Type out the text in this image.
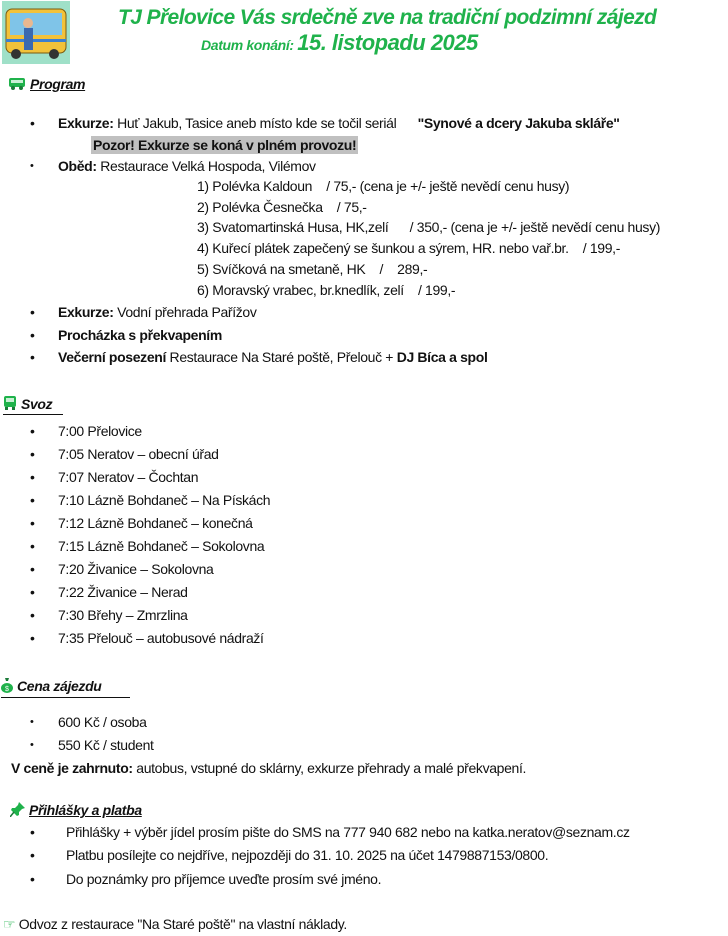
TJ Přelovice Vás srdečně zve na tradiční podzimní zájezd
Datum konání: 15. listopadu 2025
Program
• Exkurze: Huť Jakub, Tasice aneb místo kde se točil seriál "Synové a dcery Jakuba skláře"
Pozor! Exkurze se koná v plném provozu!
• Oběd: Restaurace Velká Hospoda, Vilémov
1) Polévka Kaldoun    / 75,- (cena je +/- ještě nevědí cenu husy)
2) Polévka Česnečka    / 75,-
3) Svatomartinská Husa, HK,zelí      / 350,- (cena je +/- ještě nevědí cenu husy)
4) Kuřecí plátek zapečený se šunkou a sýrem, HR. nebo vař.br.    / 199,-
5) Svíčková na smetaně, HK    /    289,-
6) Moravský vrabec, br.knedlík, zelí    / 199,-
• Exkurze: Vodní přehrada Pařížov
• Procházka s překvapením
• Večerní posezení Restaurace Na Staré poště, Přelouč + DJ Bíca a spol
Svoz
• 7:00 Přelovice
• 7:05 Neratov – obecní úřad
• 7:07 Neratov – Čochtan
• 7:10 Lázně Bohdaneč – Na Pískách
• 7:12 Lázně Bohdaneč – konečná
• 7:15 Lázně Bohdaneč – Sokolovna
• 7:20 Živanice – Sokolovna
• 7:22 Živanice – Nerad
• 7:30 Břehy – Zmrzlina
• 7:35 Přelouč – autobusové nádraží
$ Cena zájezdu
• 600 Kč / osoba
• 550 Kč / student
V ceně je zahrnuto: autobus, vstupné do sklárny, exkurze přehrady a malé překvapení.
Přihlášky a platba
• Přihlášky + výběr jídel prosím pište do SMS na 777 940 682 nebo na katka.neratov@seznam.cz
• Platbu posílejte co nejdříve, nejpozději do 31. 10. 2025 na účet 1479887153/0800.
• Do poznámky pro příjemce uveďte prosím své jméno.
☞ Odvoz z restaurace "Na Staré poště" na vlastní náklady.
